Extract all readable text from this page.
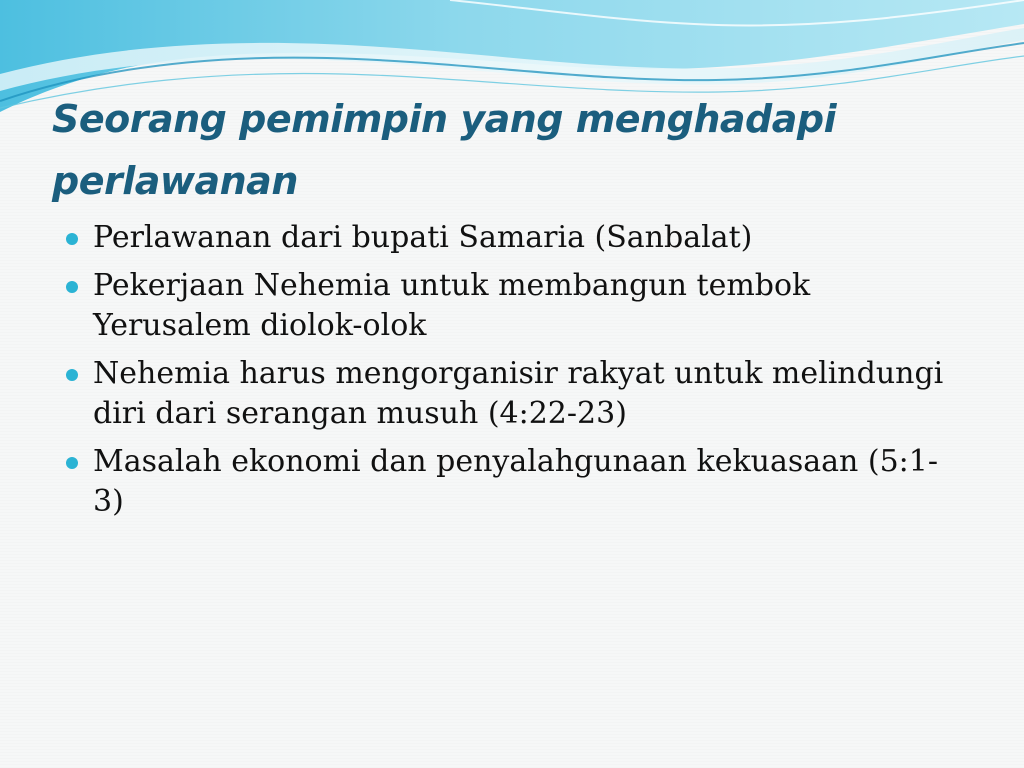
Seorang pemimpin yang menghadapi perlawanan
Perlawanan dari bupati Samaria (Sanbalat)
Pekerjaan Nehemia untuk membangun tembok Yerusalem diolok-olok
Nehemia harus mengorganisir rakyat untuk melindungi diri dari serangan musuh (4:22-23)
Masalah ekonomi dan penyalahgunaan kekuasaan (5:1-3)
